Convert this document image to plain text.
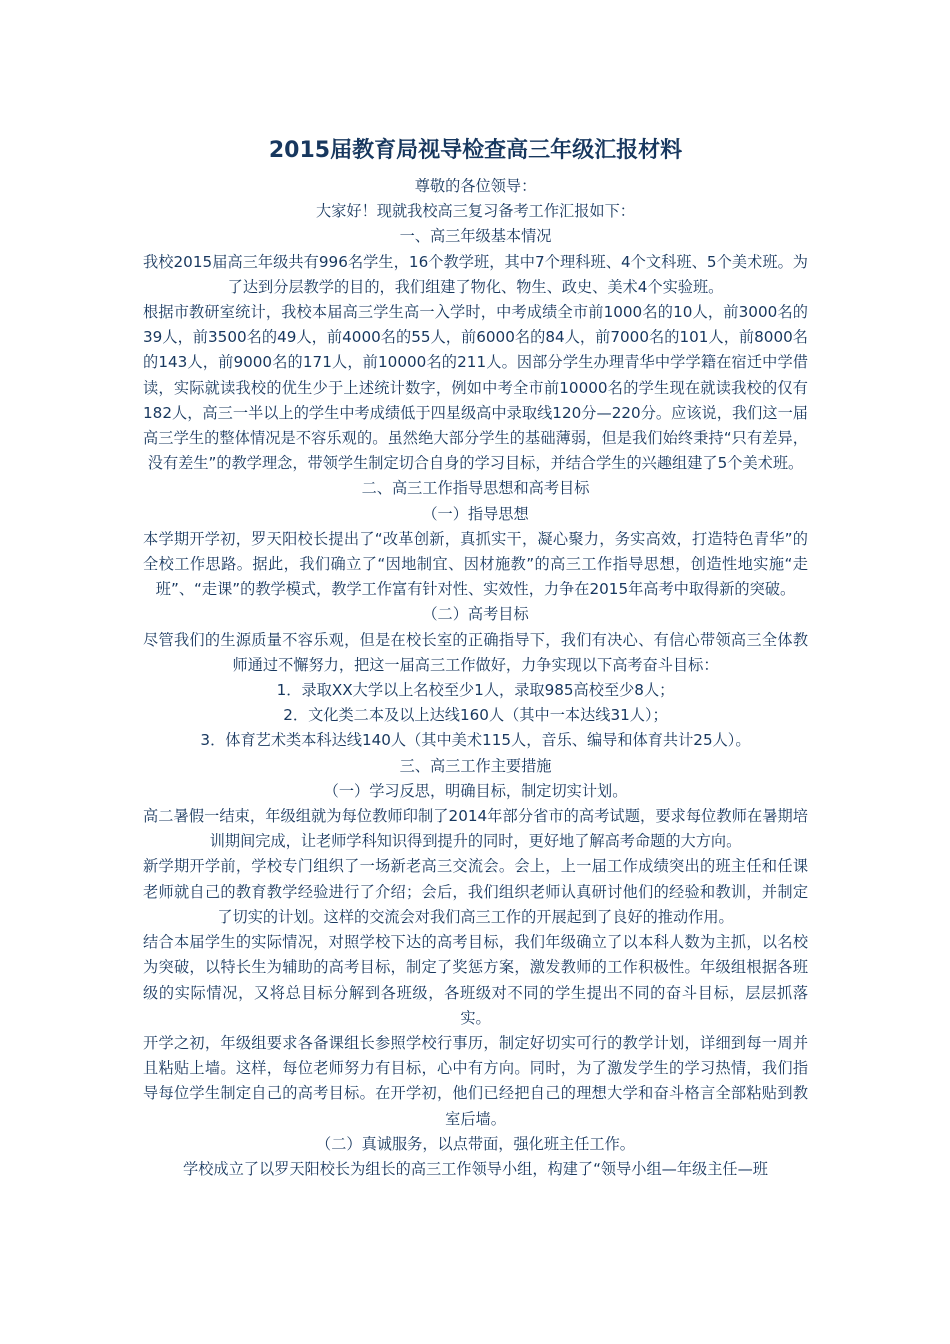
2015届教育局视导检查高三年级汇报材料

尊敬的各位领导：

大家好！现就我校高三复习备考工作汇报如下：

一、高三年级基本情况

我校2015届高三年级共有996名学生，16个教学班，其中7个理科班、4个文科班、5个美术班。为了达到分层教学的目的，我们组建了物化、物生、政史、美术4个实验班。

根据市教研室统计，我校本届高三学生高一入学时，中考成绩全市前1000名的10人，前3000名的39人，前3500名的49人，前4000名的55人，前6000名的84人，前7000名的101人，前8000名的143人，前9000名的171人，前10000名的211人。因部分学生办理青华中学学籍在宿迁中学借读，实际就读我校的优生少于上述统计数字，例如中考全市前10000名的学生现在就读我校的仅有182人，高三一半以上的学生中考成绩低于四星级高中录取线120分—220分。应该说，我们这一届高三学生的整体情况是不容乐观的。虽然绝大部分学生的基础薄弱，但是我们始终秉持“只有差异，没有差生”的教学理念，带领学生制定切合自身的学习目标，并结合学生的兴趣组建了5个美术班。

二、高三工作指导思想和高考目标

（一）指导思想

本学期开学初，罗天阳校长提出了“改革创新，真抓实干，凝心聚力，务实高效，打造特色青华”的全校工作思路。据此，我们确立了“因地制宜、因材施教”的高三工作指导思想，创造性地实施“走班”、“走课”的教学模式，教学工作富有针对性、实效性，力争在2015年高考中取得新的突破。

（二）高考目标

尽管我们的生源质量不容乐观，但是在校长室的正确指导下，我们有决心、有信心带领高三全体教师通过不懈努力，把这一届高三工作做好，力争实现以下高考奋斗目标：

1．录取XX大学以上名校至少1人，录取985高校至少8人；

2．文化类二本及以上达线160人（其中一本达线31人）；

3．体育艺术类本科达线140人（其中美术115人，音乐、编导和体育共计25人）。

三、高三工作主要措施

（一）学习反思，明确目标，制定切实计划。

高二暑假一结束，年级组就为每位教师印制了2014年部分省市的高考试题，要求每位教师在暑期培训期间完成，让老师学科知识得到提升的同时，更好地了解高考命题的大方向。

新学期开学前，学校专门组织了一场新老高三交流会。会上，上一届工作成绩突出的班主任和任课老师就自己的教育教学经验进行了介绍；会后，我们组织老师认真研讨他们的经验和教训，并制定了切实的计划。这样的交流会对我们高三工作的开展起到了良好的推动作用。

结合本届学生的实际情况，对照学校下达的高考目标，我们年级确立了以本科人数为主抓，以名校为突破，以特长生为辅助的高考目标，制定了奖惩方案，激发教师的工作积极性。年级组根据各班级的实际情况，又将总目标分解到各班级，各班级对不同的学生提出不同的奋斗目标，层层抓落实。

开学之初，年级组要求各备课组长参照学校行事历，制定好切实可行的教学计划，详细到每一周并且粘贴上墙。这样，每位老师努力有目标，心中有方向。同时，为了激发学生的学习热情，我们指导每位学生制定自己的高考目标。在开学初，他们已经把自己的理想大学和奋斗格言全部粘贴到教室后墙。

（二）真诚服务，以点带面，强化班主任工作。

学校成立了以罗天阳校长为组长的高三工作领导小组，构建了“领导小组—年级主任—班
